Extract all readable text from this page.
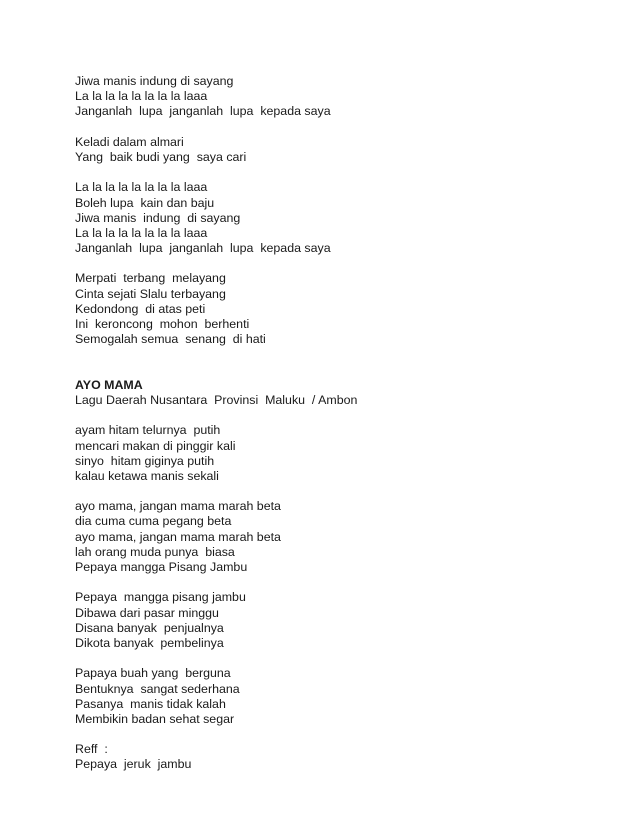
Jiwa manis indung di sayang
La la la la la la la la laaa
Janganlah  lupa  janganlah  lupa  kepada saya
Keladi dalam almari
Yang  baik budi yang  saya cari
La la la la la la la la laaa
Boleh lupa  kain dan baju
Jiwa manis  indung  di sayang
La la la la la la la la laaa
Janganlah  lupa  janganlah  lupa  kepada saya
Merpati  terbang  melayang
Cinta sejati Slalu terbayang
Kedondong  di atas peti
Ini  keroncong  mohon  berhenti
Semogalah semua  senang  di hati
AYO MAMA
Lagu Daerah Nusantara  Provinsi  Maluku  / Ambon
ayam hitam telurnya  putih
mencari makan di pinggir kali
sinyo  hitam giginya putih
kalau ketawa manis sekali
ayo mama, jangan mama marah beta
dia cuma cuma pegang beta
ayo mama, jangan mama marah beta
lah orang muda punya  biasa
Pepaya mangga Pisang Jambu
Pepaya  mangga pisang jambu
Dibawa dari pasar minggu
Disana banyak  penjualnya
Dikota banyak  pembelinya
Papaya buah yang  berguna
Bentuknya  sangat sederhana
Pasanya  manis tidak kalah
Membikin badan sehat segar
Reff  :
Pepaya  jeruk  jambu
